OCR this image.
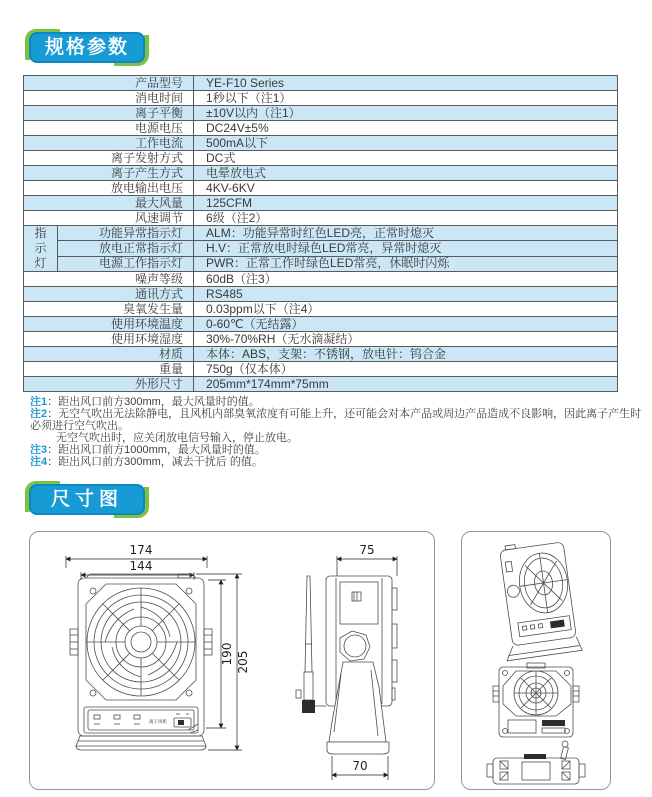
规格参数
产品型号		YE-F10 Series
消电时间		1秒以下（注1）
离子平衡		±10V以内（注1）
电源电压		DC24V±5%
工作电流		500mA以下
离子发射方式		DC式
离子产生方式		电晕放电式
放电输出电压		4KV-6KV
最大风量		125CFM
风速调节		6级（注2）
指示灯	功能异常指示灯	ALM：功能异常时红色LED亮，正常时熄灭
	放电正常指示灯	H.V：正常放电时绿色LED常亮，异常时熄灭
	电源工作指示灯	PWR：正常工作时绿色LED常亮，休眠时闪烁
噪声等级		60dB（注3）
通讯方式		RS485
臭氧发生量		0.03ppm以下（注4）
使用环境温度		0-60℃（无结露）
使用环境湿度		30%-70%RH（无水滴凝结）
材质		本体：ABS，支架：不锈钢，放电针：钨合金
重量		750g（仅本体）
外形尺寸		205mm*174mm*75mm
注1：距出风口前方300mm，最大风量时的值。
注2：无空气吹出无法除静电，且风机内部臭氧浓度有可能上升，还可能会对本产品或周边产品造成不良影响，因此离子产生时必须进行空气吹出。
无空气吹出时，应关闭放电信号输入，停止放电。
注3：距出风口前方1000mm，最大风量时的值。
注4：距出风口前方300mm，减去干扰后 的值。
尺寸图
174
144
离子风机
190 205
75
70
